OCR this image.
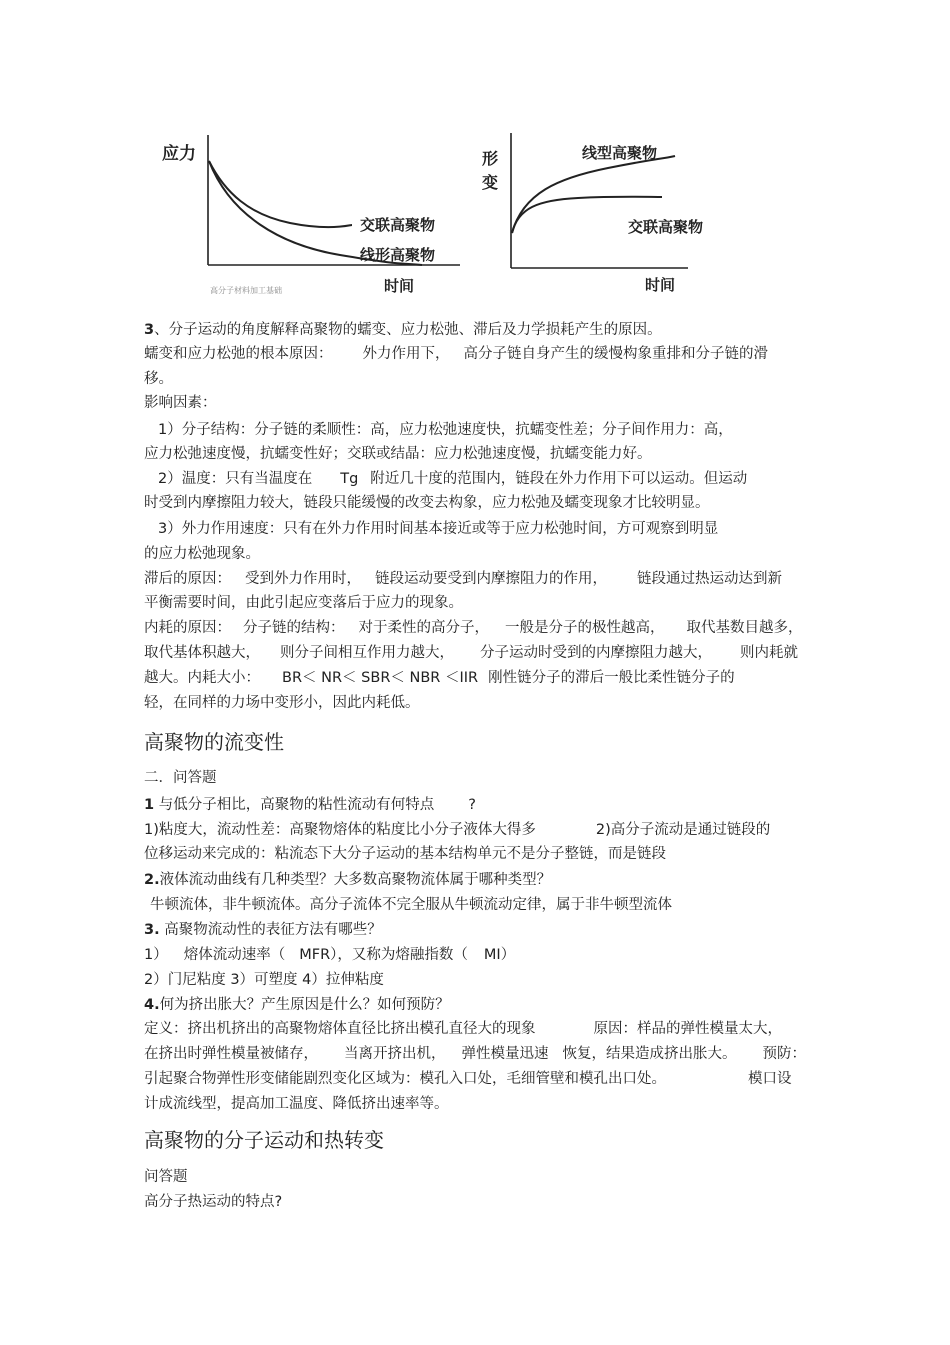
应力
交联高聚物
线形高聚物
高分子材料加工基础	时间
形
变
线型高聚物
交联高聚物
时间
3、分子运动的角度解释高聚物的蠕变、应力松弛、滞后及力学损耗产生的原因。
蠕变和应力松弛的根本原因： 外力作用下， 高分子链自身产生的缓慢构象重排和分子链的滑
移。
影响因素：
1）分子结构：分子链的柔顺性：高，应力松弛速度快，抗蠕变性差；分子间作用力：高，
应力松弛速度慢，抗蠕变性好；交联或结晶：应力松弛速度慢，抗蠕变能力好。
2）温度：只有当温度在 Tg 附近几十度的范围内，链段在外力作用下可以运动。但运动
时受到内摩擦阻力较大，链段只能缓慢的改变去构象，应力松弛及蠕变现象才比较明显。
3）外力作用速度：只有在外力作用时间基本接近或等于应力松弛时间，方可观察到明显
的应力松弛现象。
滞后的原因： 受到外力作用时， 链段运动要受到内摩擦阻力的作用， 链段通过热运动达到新
平衡需要时间，由此引起应变落后于应力的现象。
内耗的原因： 分子链的结构： 对于柔性的高分子， 一般是分子的极性越高， 取代基数目越多，
取代基体积越大， 则分子间相互作用力越大， 分子运动时受到的内摩擦阻力越大， 则内耗就
越大。内耗大小： BR＜ NR＜ SBR＜ NBR ＜IIR 刚性链分子的滞后一般比柔性链分子的
轻，在同样的力场中变形小，因此内耗低。
高聚物的流变性
二．问答题
1 与低分子相比，高聚物的粘性流动有何特点 ?
1)粘度大，流动性差：高聚物熔体的粘度比小分子液体大得多	2)高分子流动是通过链段的
位移运动来完成的：粘流态下大分子运动的基本结构单元不是分子整链，而是链段
2.液体流动曲线有几种类型？大多数高聚物流体属于哪种类型？
牛顿流体，非牛顿流体。高分子流体不完全服从牛顿流动定律，属于非牛顿型流体
3. 高聚物流动性的表征方法有哪些？
1） 熔体流动速率（ MFR），又称为熔融指数（ MI）
2）门尼粘度 3）可塑度 4）拉伸粘度
4.何为挤出胀大？产生原因是什么？如何预防？
定义：挤出机挤出的高聚物熔体直径比挤出模孔直径大的现象	原因：样品的弹性模量太大，
在挤出时弹性模量被储存， 当离开挤出机， 弹性模量迅速 恢复，结果造成挤出胀大。 预防：
引起聚合物弹性形变储能剧烈变化区域为：模孔入口处，毛细管壁和模孔出口处。	模口设
计成流线型，提高加工温度、降低挤出速率等。
高聚物的分子运动和热转变
问答题
高分子热运动的特点?
